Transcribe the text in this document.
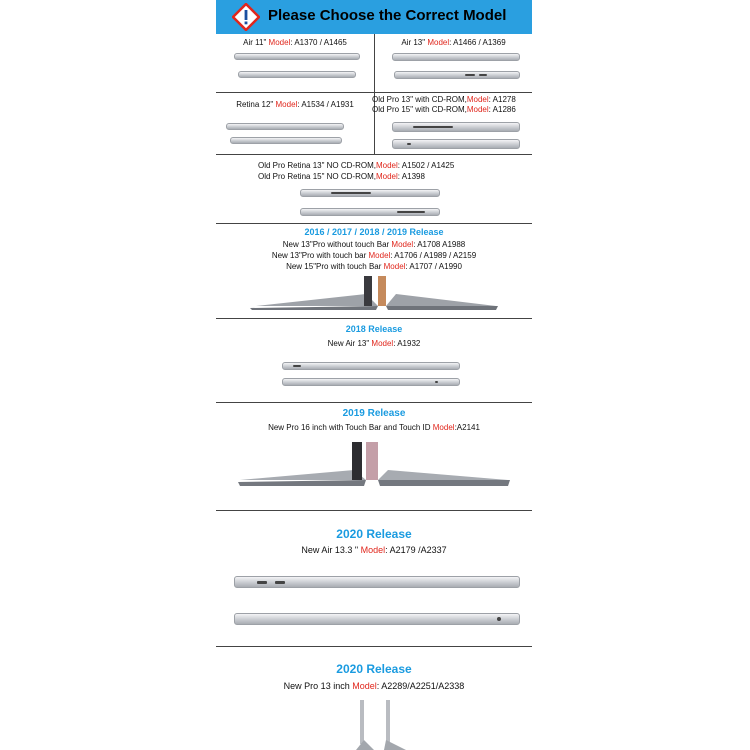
Please Choose the Correct Model
Air 11" Model: A1370 / A1465	Air 13" Model: A1466 / A1369
Retina 12" Model: A1534 / A1931
Old Pro 13" with CD-ROM,Model: A1278
Old Pro 15" with CD-ROM,Model: A1286
Old Pro Retina 13" NO CD-ROM,Model: A1502 / A1425
Old Pro Retina 15" NO CD-ROM,Model: A1398
2016 / 2017 / 2018 / 2019 Release
New 13"Pro without touch Bar Model: A1708 A1988
New 13"Pro with touch bar Model: A1706 / A1989 / A2159
New 15"Pro with touch Bar Model: A1707 / A1990
2018 Release
New Air 13" Model: A1932
2019 Release
New Pro 16 inch with Touch Bar and Touch ID Model:A2141
2020 Release
New Air 13.3 " Model: A2179 /A2337
2020 Release
New Pro 13 inch Model: A2289/A2251/A2338
